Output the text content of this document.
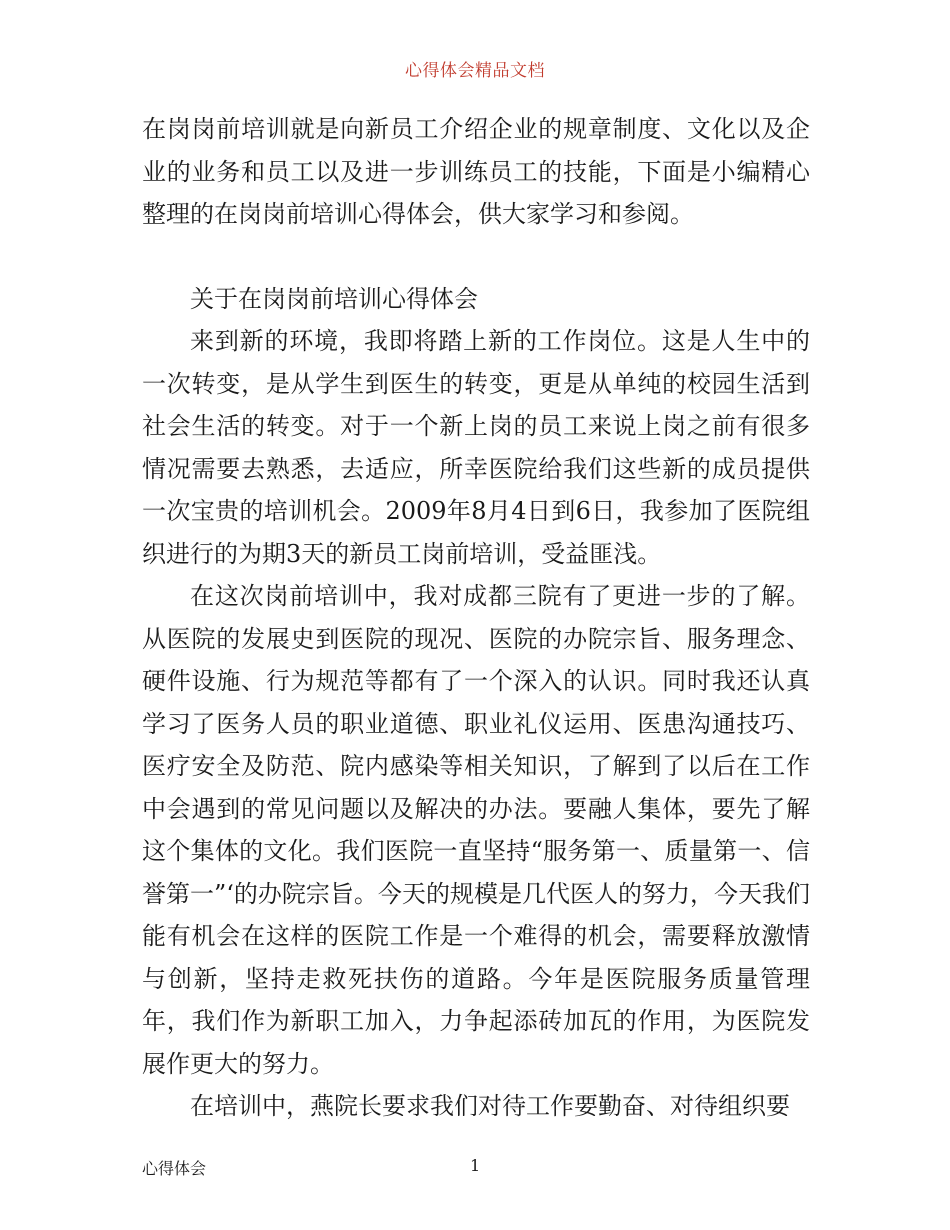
心得体会精品文档

在岗岗前培训就是向新员工介绍企业的规章制度、文化以及企业的业务和员工以及进一步训练员工的技能，下面是小编精心整理的在岗岗前培训心得体会，供大家学习和参阅。

关于在岗岗前培训心得体会

来到新的环境，我即将踏上新的工作岗位。这是人生中的一次转变，是从学生到医生的转变，更是从单纯的校园生活到社会生活的转变。对于一个新上岗的员工来说上岗之前有很多情况需要去熟悉，去适应，所幸医院给我们这些新的成员提供一次宝贵的培训机会。2009年8月4日到6日，我参加了医院组织进行的为期3天的新员工岗前培训，受益匪浅。

在这次岗前培训中，我对成都三院有了更进一步的了解。从医院的发展史到医院的现况、医院的办院宗旨、服务理念、硬件设施、行为规范等都有了一个深入的认识。同时我还认真学习了医务人员的职业道德、职业礼仪运用、医患沟通技巧、医疗安全及防范、院内感染等相关知识，了解到了以后在工作中会遇到的常见问题以及解决的办法。要融人集体，要先了解这个集体的文化。我们医院一直坚持“服务第一、质量第一、信誉第一”‘的办院宗旨。今天的规模是几代医人的努力，今天我们能有机会在这样的医院工作是一个难得的机会，需要释放激情与创新，坚持走救死扶伤的道路。今年是医院服务质量管理年，我们作为新职工加入，力争起添砖加瓦的作用，为医院发展作更大的努力。

在培训中，燕院长要求我们对待工作要勤奋、对待组织要

心得体会	1
